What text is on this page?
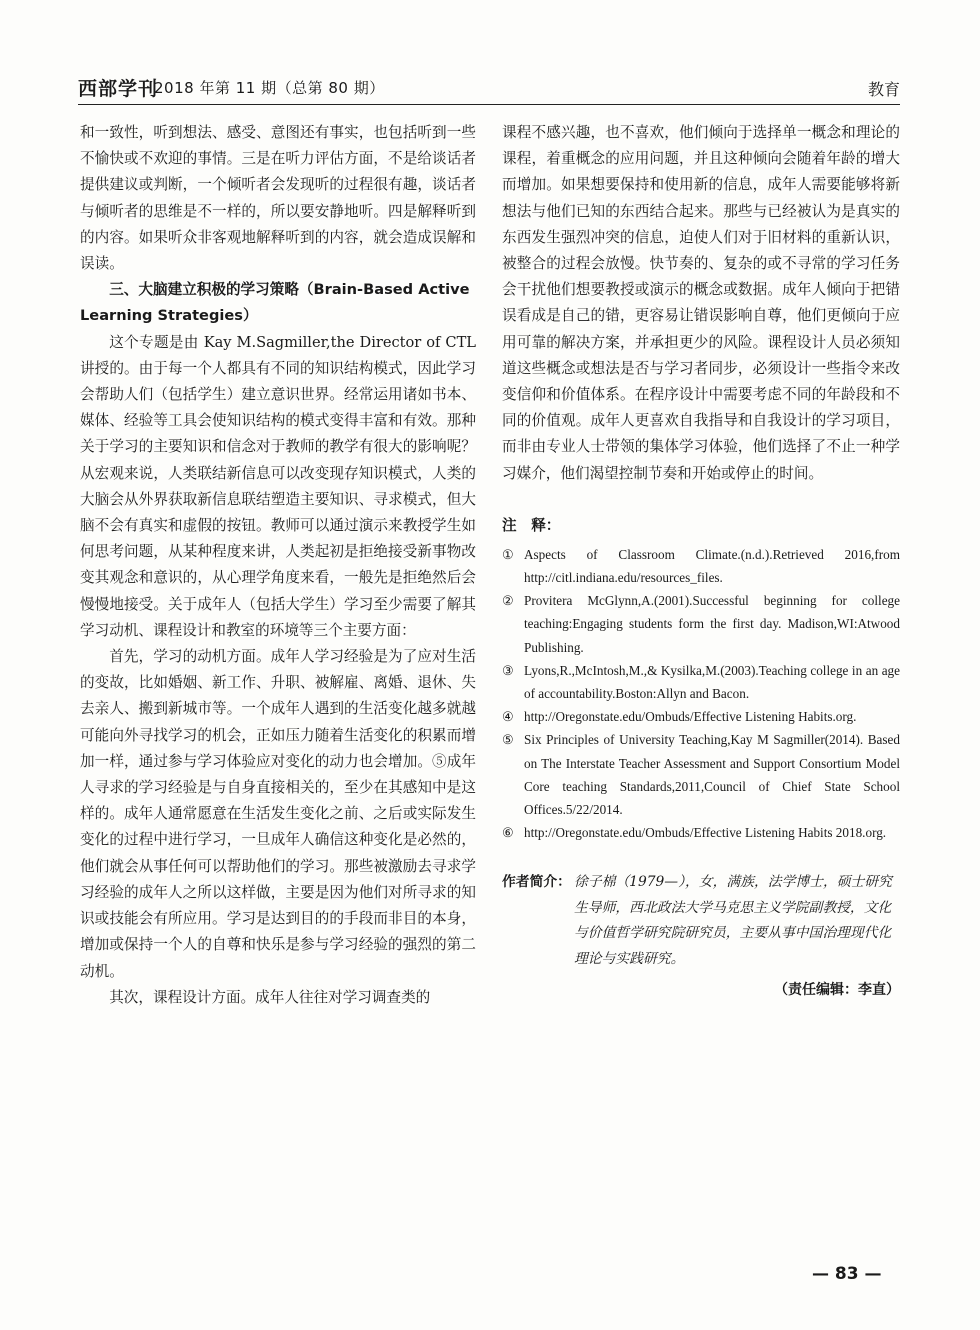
西部学刊
2018 年第 11 期（总第 80 期）	教育

和一致性，听到想法、感受、意图还有事实，也包括听到一些不愉快或不欢迎的事情。三是在听力评估方面，不是给谈话者提供建议或判断，一个倾听者会发现听的过程很有趣，谈话者与倾听者的思维是不一样的，所以要安静地听。四是解释听到的内容。如果听众非客观地解释听到的内容，就会造成误解和误读。

三、大脑建立积极的学习策略（Brain-Based Active Learning Strategies）

这个专题是由 Kay M.Sagmiller,the Director of CTL 讲授的。由于每一个人都具有不同的知识结构模式，因此学习会帮助人们（包括学生）建立意识世界。经常运用诸如书本、媒体、经验等工具会使知识结构的模式变得丰富和有效。那种关于学习的主要知识和信念对于教师的教学有很大的影响呢？从宏观来说，人类联结新信息可以改变现存知识模式，人类的大脑会从外界获取新信息联结塑造主要知识、寻求模式，但大脑不会有真实和虚假的按钮。教师可以通过演示来教授学生如何思考问题，从某种程度来讲，人类起初是拒绝接受新事物改变其观念和意识的，从心理学角度来看，一般先是拒绝然后会慢慢地接受。关于成年人（包括大学生）学习至少需要了解其学习动机、课程设计和教室的环境等三个主要方面：

首先，学习的动机方面。成年人学习经验是为了应对生活的变故，比如婚姻、新工作、升职、被解雇、离婚、退休、失去亲人、搬到新城市等。一个成年人遇到的生活变化越多就越可能向外寻找学习的机会，正如压力随着生活变化的积累而增加一样，通过参与学习体验应对变化的动力也会增加。⑤成年人寻求的学习经验是与自身直接相关的，至少在其感知中是这样的。成年人通常愿意在生活发生变化之前、之后或实际发生变化的过程中进行学习，一旦成年人确信这种变化是必然的，他们就会从事任何可以帮助他们的学习。那些被激励去寻求学习经验的成年人之所以这样做，主要是因为他们对所寻求的知识或技能会有所应用。学习是达到目的的手段而非目的本身，增加或保持一个人的自尊和快乐是参与学习经验的强烈的第二动机。

其次，课程设计方面。成年人往往对学习调查类的

课程不感兴趣，也不喜欢，他们倾向于选择单一概念和理论的课程，着重概念的应用问题，并且这种倾向会随着年龄的增大而增加。如果想要保持和使用新的信息，成年人需要能够将新想法与他们已知的东西结合起来。那些与已经被认为是真实的东西发生强烈冲突的信息，迫使人们对于旧材料的重新认识，被整合的过程会放慢。快节奏的、复杂的或不寻常的学习任务会干扰他们想要教授或演示的概念或数据。成年人倾向于把错误看成是自己的错，更容易让错误影响自尊，他们更倾向于应用可靠的解决方案，并承担更少的风险。课程设计人员必须知道这些概念或想法是否与学习者同步，必须设计一些指令来改变信仰和价值体系。在程序设计中需要考虑不同的年龄段和不同的价值观。成年人更喜欢自我指导和自我设计的学习项目，而非由专业人士带领的集体学习体验，他们选择了不止一种学习媒介，他们渴望控制节奏和开始或停止的时间。

注　释：

① Aspects of Classroom Climate.(n.d.).Retrieved 2016,from http://citl.indiana.edu/resources_files.

② Provitera McGlynn,A.(2001).Successful beginning for college teaching:Engaging students form the first day. Madison,WI:Atwood Publishing.

③ Lyons,R.,McIntosh,M.,& Kysilka,M.(2003).Teaching college in an age of accountability.Boston:Allyn and Bacon.

④ http://Oregonstate.edu/Ombuds/Effective Listening Habits.org.

⑤ Six Principles of University Teaching,Kay M Sagmiller(2014). Based on The Interstate Teacher Assessment and Support Consortium Model Core teaching Standards,2011,Council of Chief State School Offices.5/22/2014.

⑥ http://Oregonstate.edu/Ombuds/Effective Listening Habits 2018.org.

作者简介： 徐子棉（1979—），女，满族，法学博士，硕士研究生导师，西北政法大学马克思主义学院副教授，文化与价值哲学研究院研究员，主要从事中国治理现代化理论与实践研究。
（责任编辑：李直）
— 83 —
